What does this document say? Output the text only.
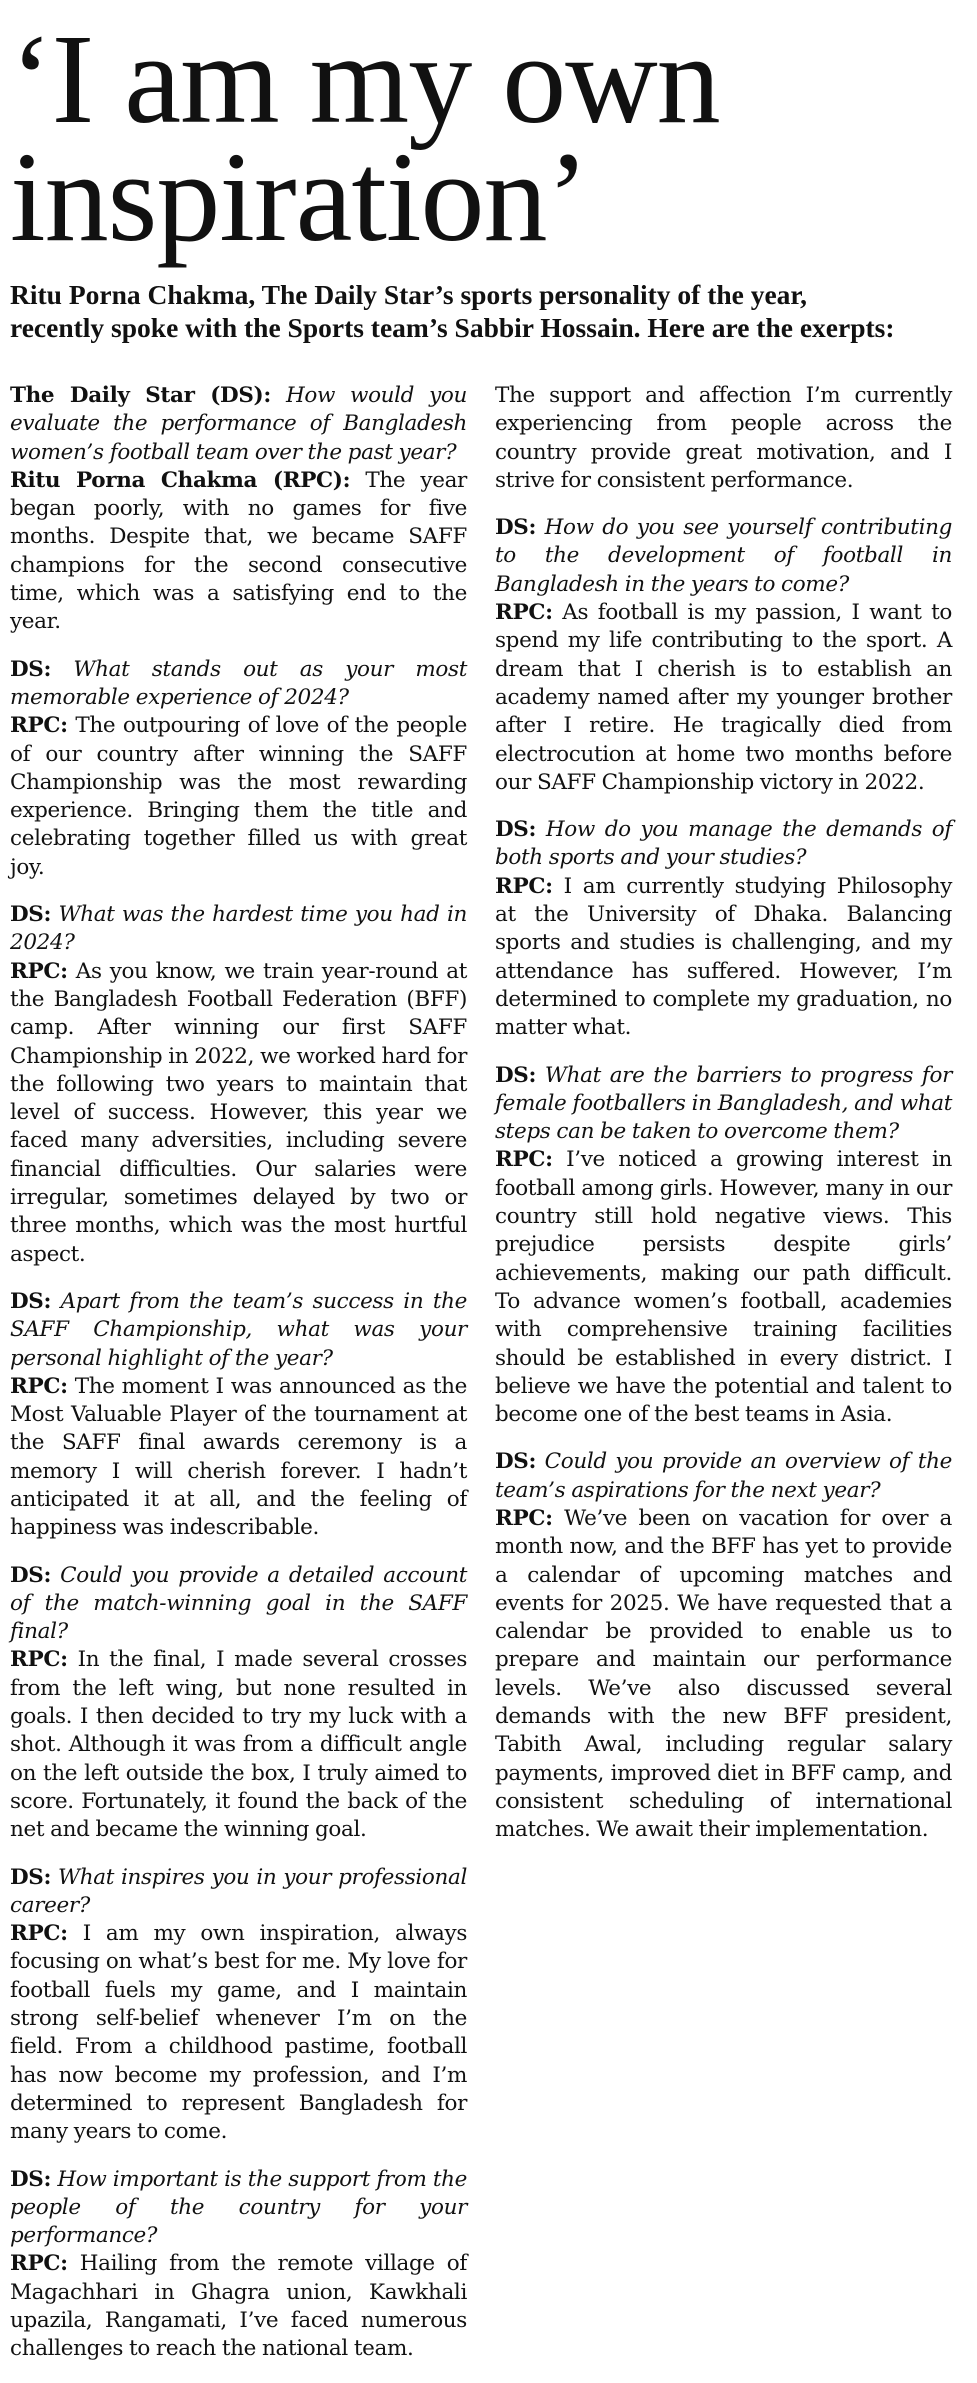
‘I am my own
inspiration’

Ritu Porna Chakma, The Daily Star’s sports personality of the year,
recently spoke with the Sports team’s Sabbir Hossain. Here are the exerpts:

The Daily Star (DS): How would you evaluate the performance of Bangladesh women’s football team over the past year?
Ritu Porna Chakma (RPC): The year began poorly, with no games for five months. Despite that, we became SAFF champions for the second consecutive time, which was a satisfying end to the year.

DS: What stands out as your most memorable experience of 2024?
RPC: The outpouring of love of the people of our country after winning the SAFF Championship was the most rewarding experience. Bringing them the title and celebrating together filled us with great joy.

DS: What was the hardest time you had in 2024?
RPC: As you know, we train year-round at the Bangladesh Football Federation (BFF) camp. After winning our first SAFF Championship in 2022, we worked hard for the following two years to maintain that level of success. However, this year we faced many adversities, including severe financial difficulties. Our salaries were irregular, sometimes delayed by two or three months, which was the most hurtful aspect.

DS: Apart from the team’s success in the SAFF Championship, what was your personal highlight of the year?
RPC: The moment I was announced as the Most Valuable Player of the tournament at the SAFF final awards ceremony is a memory I will cherish forever. I hadn’t anticipated it at all, and the feeling of happiness was indescribable.

DS: Could you provide a detailed account of the match-winning goal in the SAFF final?
RPC: In the final, I made several crosses from the left wing, but none resulted in goals. I then decided to try my luck with a shot. Although it was from a difficult angle on the left outside the box, I truly aimed to score. Fortunately, it found the back of the net and became the winning goal.

DS: What inspires you in your professional career?
RPC: I am my own inspiration, always focusing on what’s best for me. My love for football fuels my game, and I maintain strong self-belief whenever I’m on the field. From a childhood pastime, football has now become my profession, and I’m determined to represent Bangladesh for many years to come.

DS: How important is the support from the people of the country for your performance?
RPC: Hailing from the remote village of Magachhari in Ghagra union, Kawkhali upazila, Rangamati, I’ve faced numerous challenges to reach the national team.

The support and affection I’m currently experiencing from people across the country provide great motivation, and I strive for consistent performance.

DS: How do you see yourself contributing to the development of football in Bangladesh in the years to come?
RPC: As football is my passion, I want to spend my life contributing to the sport. A dream that I cherish is to establish an academy named after my younger brother after I retire. He tragically died from electrocution at home two months before our SAFF Championship victory in 2022.

DS: How do you manage the demands of both sports and your studies?
RPC: I am currently studying Philosophy at the University of Dhaka. Balancing sports and studies is challenging, and my attendance has suffered. However, I’m determined to complete my graduation, no matter what.

DS: What are the barriers to progress for female footballers in Bangladesh, and what steps can be taken to overcome them?
RPC: I’ve noticed a growing interest in football among girls. However, many in our country still hold negative views. This prejudice persists despite girls’ achievements, making our path difficult. To advance women’s football, academies with comprehensive training facilities should be established in every district. I believe we have the potential and talent to become one of the best teams in Asia.

DS: Could you provide an overview of the team’s aspirations for the next year?
RPC: We’ve been on vacation for over a month now, and the BFF has yet to provide a calendar of upcoming matches and events for 2025. We have requested that a calendar be provided to enable us to prepare and maintain our performance levels. We’ve also discussed several demands with the new BFF president, Tabith Awal, including regular salary payments, improved diet in BFF camp, and consistent scheduling of international matches. We await their implementation.
